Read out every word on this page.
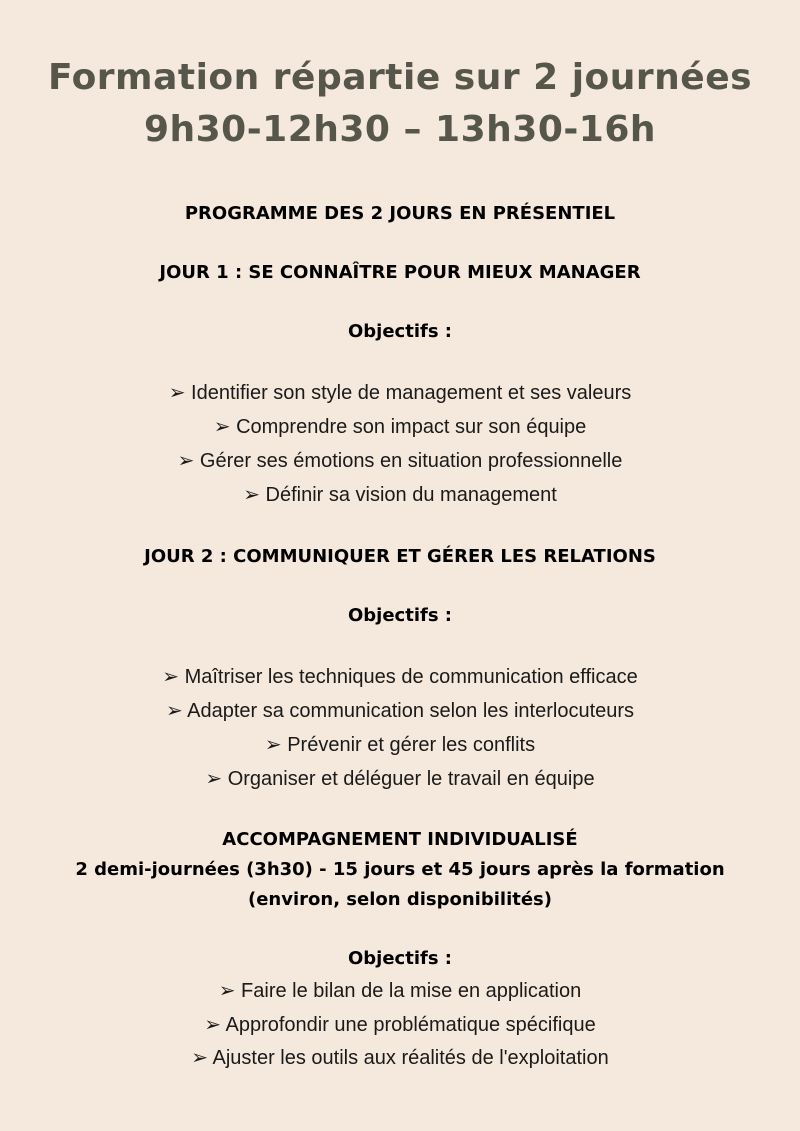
Formation répartie sur 2 journées
9h30-12h30 – 13h30-16h
PROGRAMME DES 2 JOURS EN PRÉSENTIEL
JOUR 1 : SE CONNAÎTRE POUR MIEUX MANAGER
Objectifs :
➢ Identifier son style de management et ses valeurs
➢ Comprendre son impact sur son équipe
➢ Gérer ses émotions en situation professionnelle
➢ Définir sa vision du management
JOUR 2 : COMMUNIQUER ET GÉRER LES RELATIONS
Objectifs :
➢ Maîtriser les techniques de communication efficace
➢ Adapter sa communication selon les interlocuteurs
➢ Prévenir et gérer les conflits
➢ Organiser et déléguer le travail en équipe
ACCOMPAGNEMENT INDIVIDUALISÉ
2 demi-journées (3h30) - 15 jours et 45 jours après la formation
(environ, selon disponibilités)
Objectifs :
➢ Faire le bilan de la mise en application
➢ Approfondir une problématique spécifique
➢ Ajuster les outils aux réalités de l'exploitation
